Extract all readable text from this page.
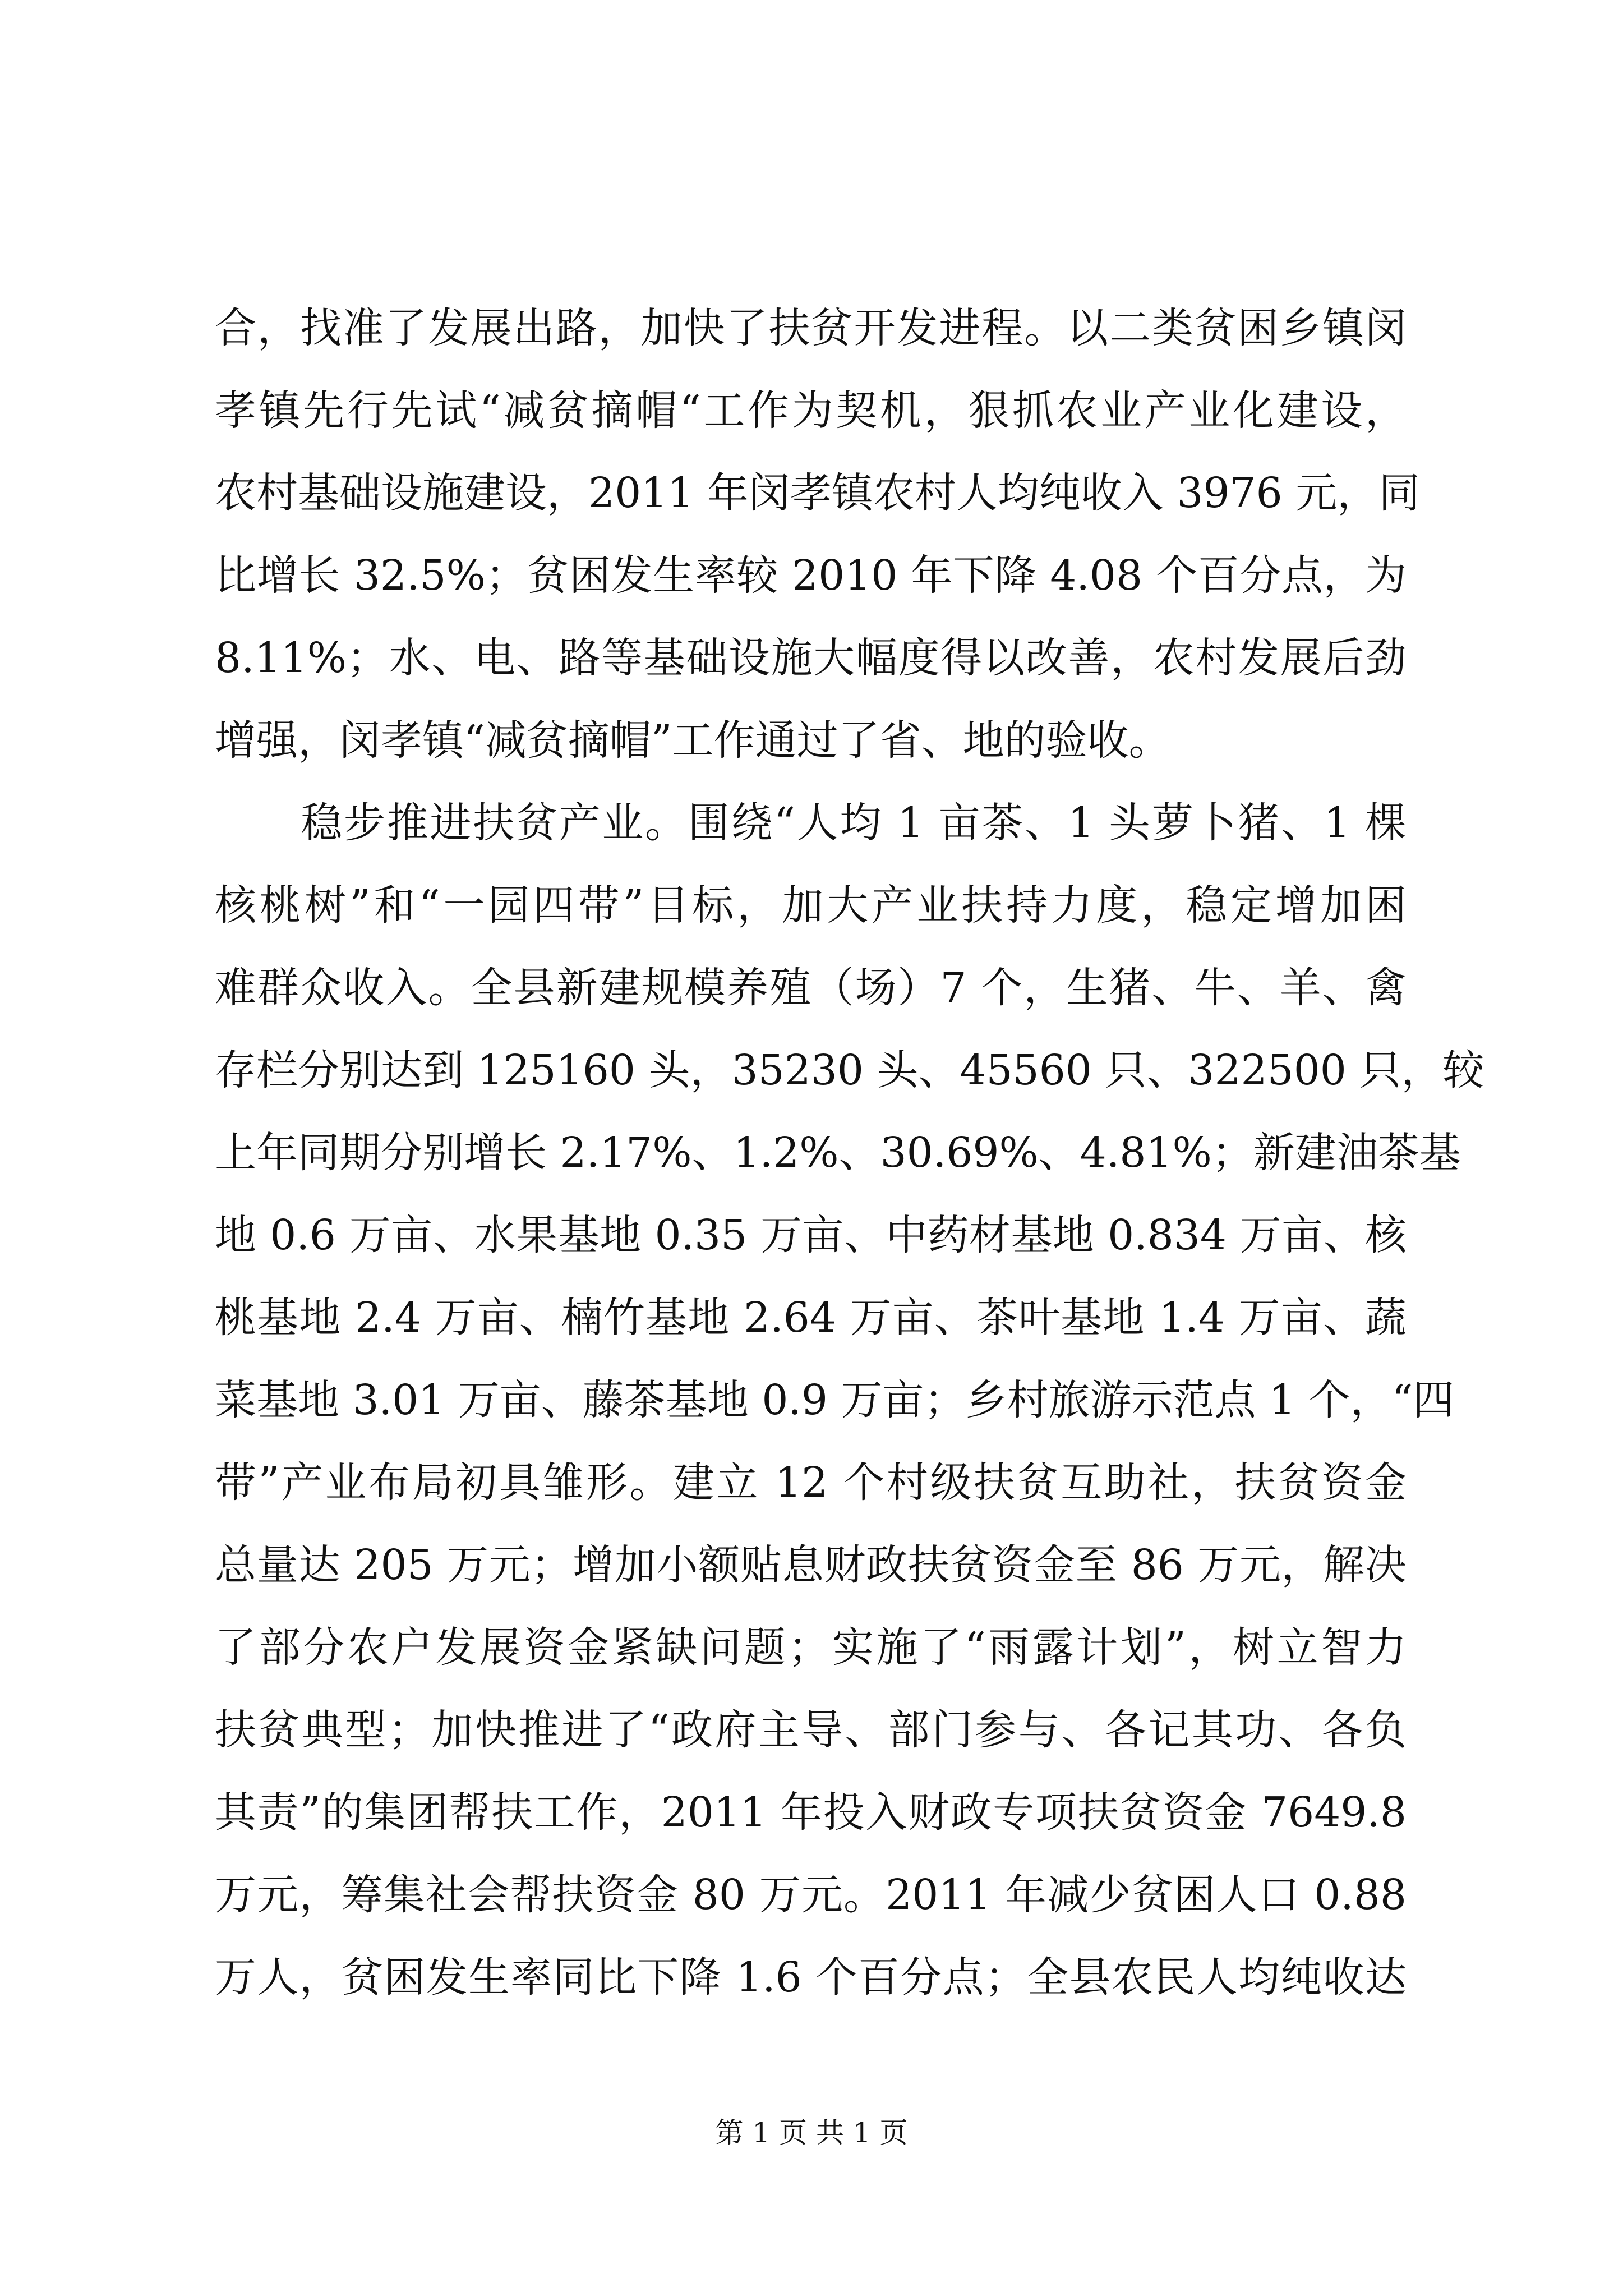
合，找准了发展出路，加快了扶贫开发进程。以二类贫困乡镇闵
孝镇先行先试“减贫摘帽“工作为契机，狠抓农业产业化建设，
农村基础设施建设，2011 年闵孝镇农村人均纯收入 3976 元，同
比增长 32.5%；贫困发生率较 2010 年下降 4.08 个百分点，为
8.11%；水、电、路等基础设施大幅度得以改善，农村发展后劲
增强，闵孝镇“减贫摘帽”工作通过了省、地的验收。
　　稳步推进扶贫产业。围绕“人均 1 亩茶、1 头萝卜猪、1 棵
核桃树”和“一园四带”目标，加大产业扶持力度，稳定增加困
难群众收入。全县新建规模养殖（场）7 个，生猪、牛、羊、禽
存栏分别达到 125160 头，35230 头、45560 只、322500 只，较
上年同期分别增长 2.17%、1.2%、30.69%、4.81%；新建油茶基
地 0.6 万亩、水果基地 0.35 万亩、中药材基地 0.834 万亩、核
桃基地 2.4 万亩、楠竹基地 2.64 万亩、茶叶基地 1.4 万亩、蔬
菜基地 3.01 万亩、藤茶基地 0.9 万亩；乡村旅游示范点 1 个，“四
带”产业布局初具雏形。建立 12 个村级扶贫互助社，扶贫资金
总量达 205 万元；增加小额贴息财政扶贫资金至 86 万元，解决
了部分农户发展资金紧缺问题；实施了“雨露计划”，树立智力
扶贫典型；加快推进了“政府主导、部门参与、各记其功、各负
其责”的集团帮扶工作，2011 年投入财政专项扶贫资金 7649.8
万元，筹集社会帮扶资金 80 万元。2011 年减少贫困人口 0.88
万人，贫困发生率同比下降 1.6 个百分点；全县农民人均纯收达
第 1 页 共 1 页
